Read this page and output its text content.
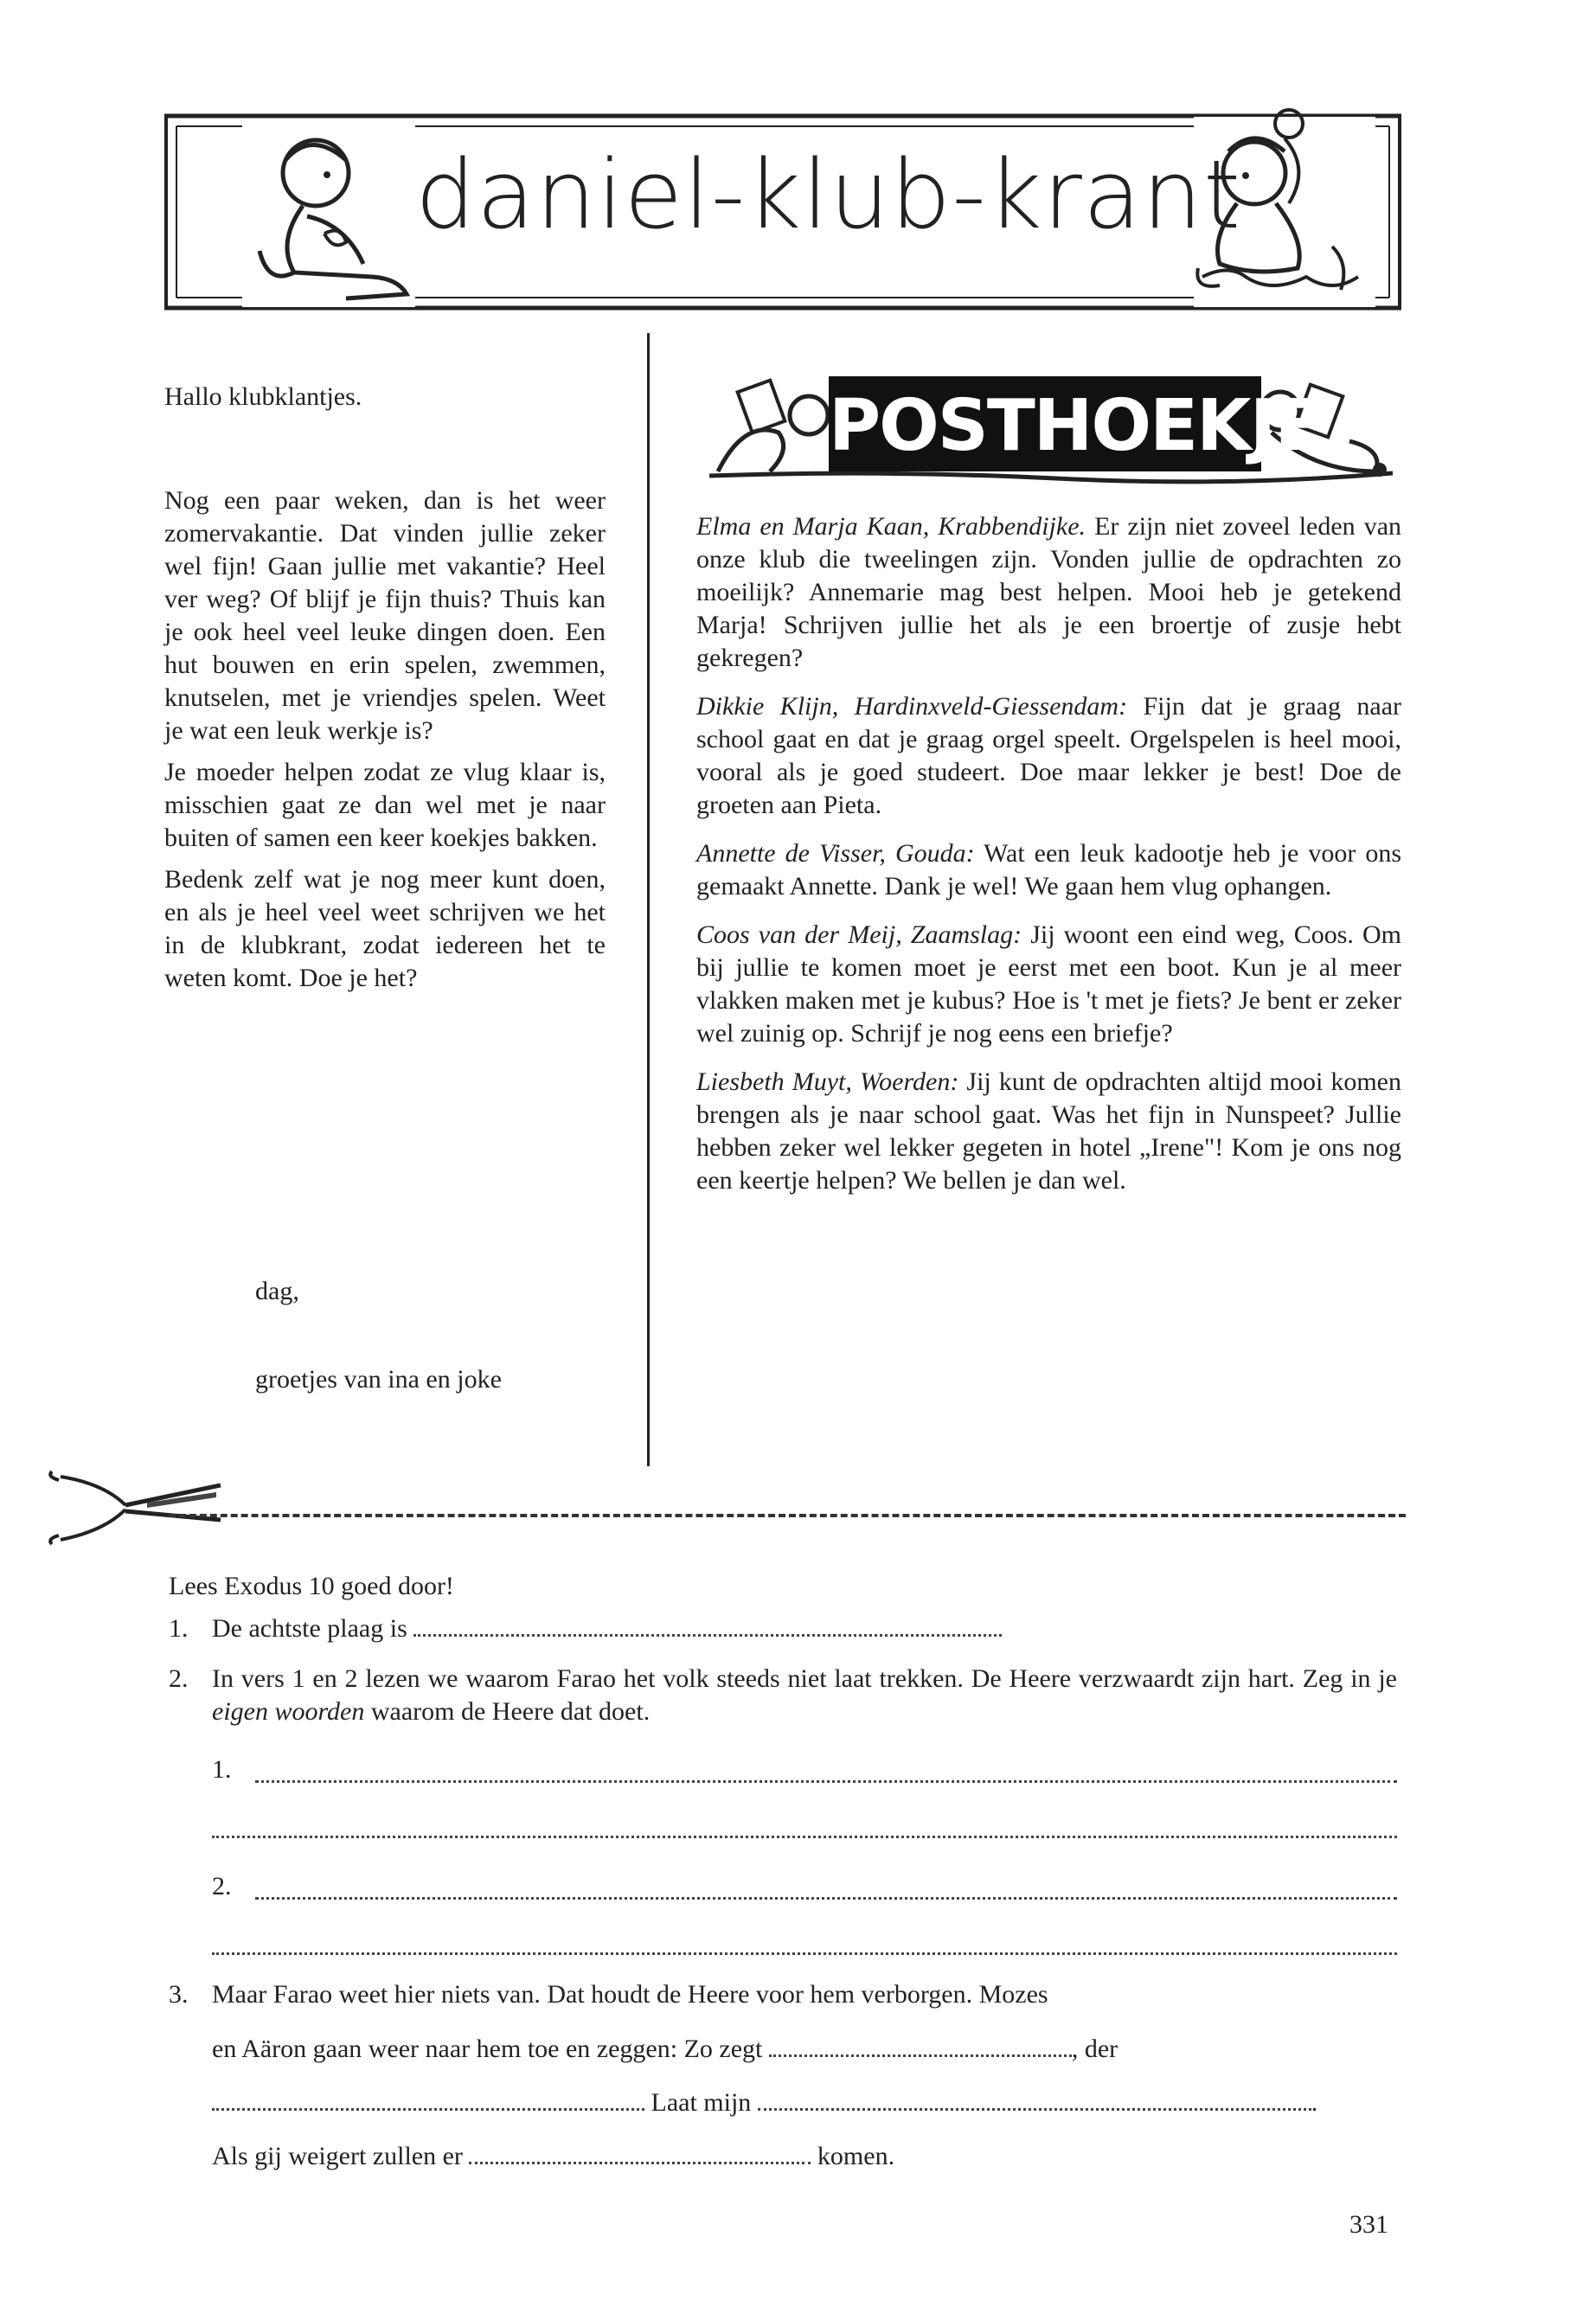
daniel-klub-krant

Hallo klubklantjes.

Nog een paar weken, dan is het weer zomervakantie. Dat vinden jullie zeker wel fijn! Gaan jullie met vakantie? Heel ver weg? Of blijf je fijn thuis? Thuis kan je ook heel veel leuke dingen doen. Een hut bouwen en erin spelen, zwemmen, knutselen, met je vriendjes spelen. Weet je wat een leuk werkje is?

Je moeder helpen zodat ze vlug klaar is, misschien gaat ze dan wel met je naar buiten of samen een keer koekjes bakken.

Bedenk zelf wat je nog meer kunt doen, en als je heel veel weet schrijven we het in de klubkrant, zodat iedereen het te weten komt. Doe je het?

dag,
groetjes van ina en joke
POSTHOEKJE

Elma en Marja Kaan, Krabbendijke. Er zijn niet zoveel leden van onze klub die tweelingen zijn. Vonden jullie de opdrachten zo moeilijk? Annemarie mag best helpen. Mooi heb je getekend Marja! Schrijven jullie het als je een broertje of zusje hebt gekregen?

Dikkie Klijn, Hardinxveld-Giessendam: Fijn dat je graag naar school gaat en dat je graag orgel speelt. Orgelspelen is heel mooi, vooral als je goed studeert. Doe maar lekker je best! Doe de groeten aan Pieta.

Annette de Visser, Gouda: Wat een leuk kadootje heb je voor ons gemaakt Annette. Dank je wel! We gaan hem vlug ophangen.

Coos van der Meij, Zaamslag: Jij woont een eind weg, Coos. Om bij jullie te komen moet je eerst met een boot. Kun je al meer vlakken maken met je kubus? Hoe is 't met je fiets? Je bent er zeker wel zuinig op. Schrijf je nog eens een briefje?

Liesbeth Muyt, Woerden: Jij kunt de opdrachten altijd mooi komen brengen als je naar school gaat. Was het fijn in Nunspeet? Jullie hebben zeker wel lekker gegeten in hotel „Irene"! Kom je ons nog een keertje helpen? We bellen je dan wel.

Lees Exodus 10 goed door!
1. De achtste plaag is
2. In vers 1 en 2 lezen we waarom Farao het volk steeds niet laat trekken. De Heere verzwaardt zijn hart. Zeg in je eigen woorden waarom de Heere dat doet.
1.
2.
3. Maar Farao weet hier niets van. Dat houdt de Heere voor hem verborgen. Mozes
en Aäron gaan weer naar hem toe en zeggen: Zo zegt	, der
Laat mijn	.
Als gij weigert zullen er	komen.
331
